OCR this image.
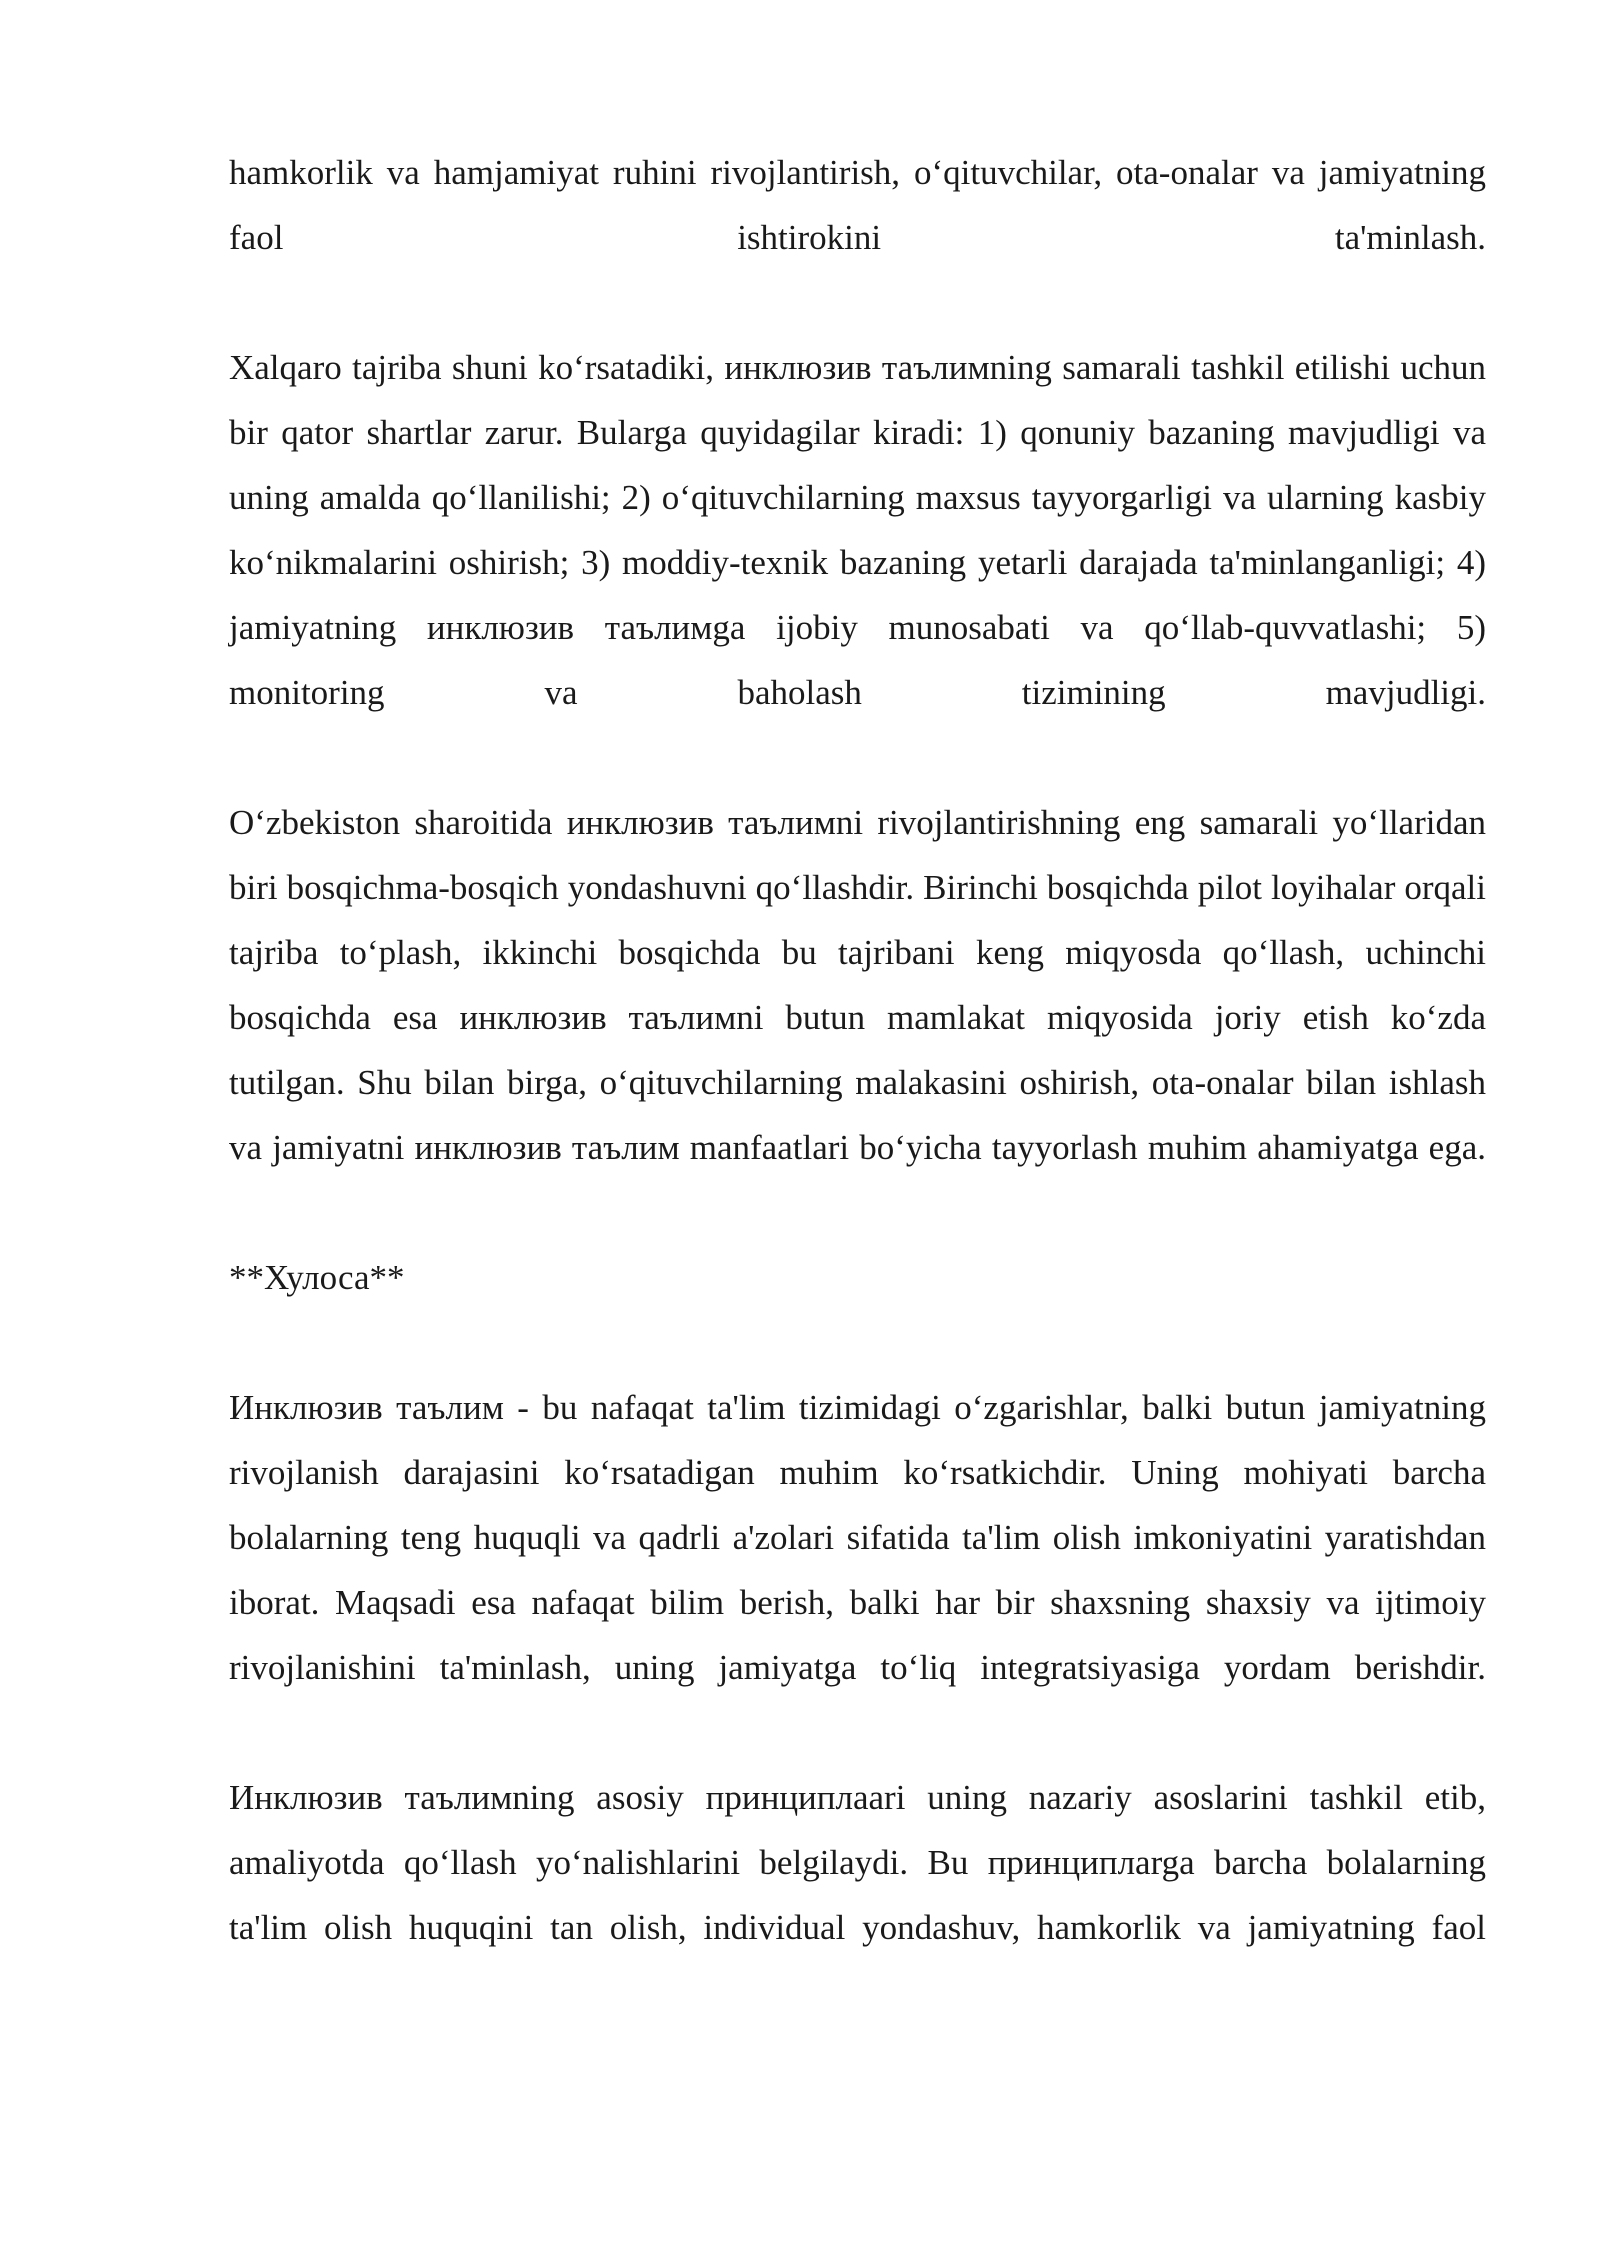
hamkorlik va hamjamiyat ruhini rivojlantirish, oʻqituvchilar, ota-onalar va jamiyatning faol ishtirokini ta'minlash.

Xalqaro tajriba shuni koʻrsatadiki, инклюзив таълимning samarali tashkil etilishi uchun bir qator shartlar zarur. Bularga quyidagilar kiradi: 1) qonuniy bazaning mavjudligi va uning amalda qoʻllanilishi; 2) oʻqituvchilarning maxsus tayyorgarligi va ularning kasbiy koʻnikmalarini oshirish; 3) moddiy-texnik bazaning yetarli darajada ta'minlanganligi; 4) jamiyatning инклюзив таълимga ijobiy munosabati va qoʻllab-quvvatlashi; 5) monitoring va baholash tizimining mavjudligi.

Oʻzbekiston sharoitida инклюзив таълимni rivojlantirishning eng samarali yoʻllaridan biri bosqichma-bosqich yondashuvni qoʻllashdir. Birinchi bosqichda pilot loyihalar orqali tajriba toʻplash, ikkinchi bosqichda bu tajribani keng miqyosda qoʻllash, uchinchi bosqichda esa инклюзив таълимni butun mamlakat miqyosida joriy etish koʻzda tutilgan. Shu bilan birga, oʻqituvchilarning malakasini oshirish, ota-onalar bilan ishlash va jamiyatni инклюзив таълим manfaatlari boʻyicha tayyorlash muhim ahamiyatga ega.

**Хулоса**

Инклюзив таълим - bu nafaqat ta'lim tizimidagi oʻzgarishlar, balki butun jamiyatning rivojlanish darajasini koʻrsatadigan muhim koʻrsatkichdir. Uning mohiyati barcha bolalarning teng huquqli va qadrli a'zolari sifatida ta'lim olish imkoniyatini yaratishdan iborat. Maqsadi esa nafaqat bilim berish, balki har bir shaxsning shaxsiy va ijtimoiy rivojlanishini ta'minlash, uning jamiyatga toʻliq integratsiyasiga yordam berishdir.

Инклюзив таълимning asosiy принциплаari uning nazariy asoslarini tashkil etib, amaliyotda qoʻllash yoʻnalishlarini belgilaydi. Bu принциплarga barcha bolalarning ta'lim olish huquqini tan olish, individual yondashuv, hamkorlik va jamiyatning faol
